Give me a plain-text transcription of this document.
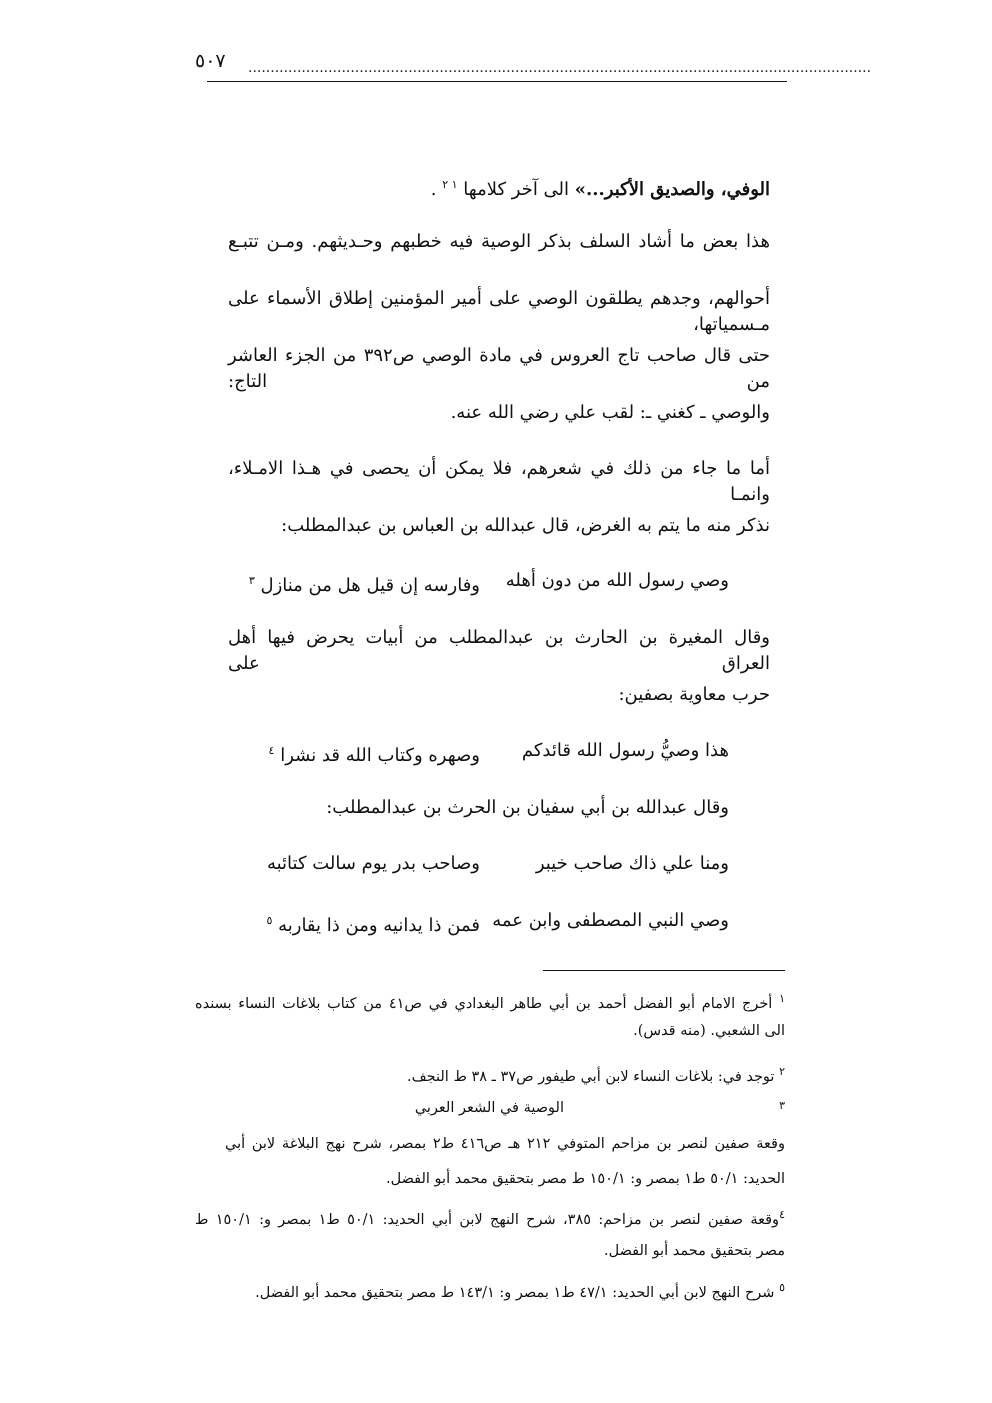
٥٠٧ ............................................................................................................................................
الوفي، والصديق الأكبر...» الى آخر كلامها $^{١ ٢}$ .
هذا بعض ما أشاد السلف بذكر الوصية فيه خطبهم وحـديثهم. ومـن تتبـع
أحوالهم، وجدهم يطلقون الوصي على أمير المؤمنين إطلاق الأسماء على مـسمياتها،
حتى قال صاحب تاج العروس في مادة الوصي ص٣٩٢ من الجزء العاشر من التاج:
والوصي ـ كغني ـ: لقب علي رضي الله عنه.
أما ما جاء من ذلك في شعرهم، فلا يمكن أن يحصى في هـذا الامـلاء، وانمـا
نذكر منه ما يتم به الغرض، قال عبدالله بن العباس بن عبدالمطلب:
وصي رسول الله من دون أهله
وفارسه إن قيل هل من منازل $^٣$
وقال المغيرة بن الحارث بن عبدالمطلب من أبيات يحرض فيها أهل العراق على
حرب معاوية بصفين:
هذا وصيُّ رسول الله قائدكم
وصهره وكتاب الله قد نشرا $^٤$
وقال عبدالله بن أبي سفيان بن الحرث بن عبدالمطلب:
ومنا علي ذاك صاحب خيبر
وصاحب بدر يوم سالت كتائبه
وصي النبي المصطفى وابن عمه
فمن ذا يدانيه ومن ذا يقاربه $^٥$
$^١$ أخرج الامام أبو الفضل أحمد بن أبي طاهر البغدادي في ص٤١ من كتاب بلاغات النساء بسنده
الى الشعبي. (منه قدس).
$^٢$ توجد في: بلاغات النساء لابن أبي طيفور ص٣٧ ـ ٣٨ ط النجف.
$^٣$
الوصية في الشعر العربي
وقعة صفين لنصر بن مزاحم المتوفي ٢١٢ هـ ص٤١٦ ط٢ بمصر، شرح نهج البلاغة لابن أبي
الحديد: ٥٠/١ ط١ بمصر و: ١٥٠/١ ط مصر بتحقيق محمد أبو الفضل.
$^٤$وقعة صفين لنصر بن مزاحم: ٣٨٥، شرح النهج لابن أبي الحديد: ٥٠/١ ط١ بمصر و: ١٥٠/١ ط
مصر بتحقيق محمد أبو الفضل.
$^٥$ شرح النهج لابن أبي الحديد: ٤٧/١ ط١ بمصر و: ١٤٣/١ ط مصر بتحقيق محمد أبو الفضل.
